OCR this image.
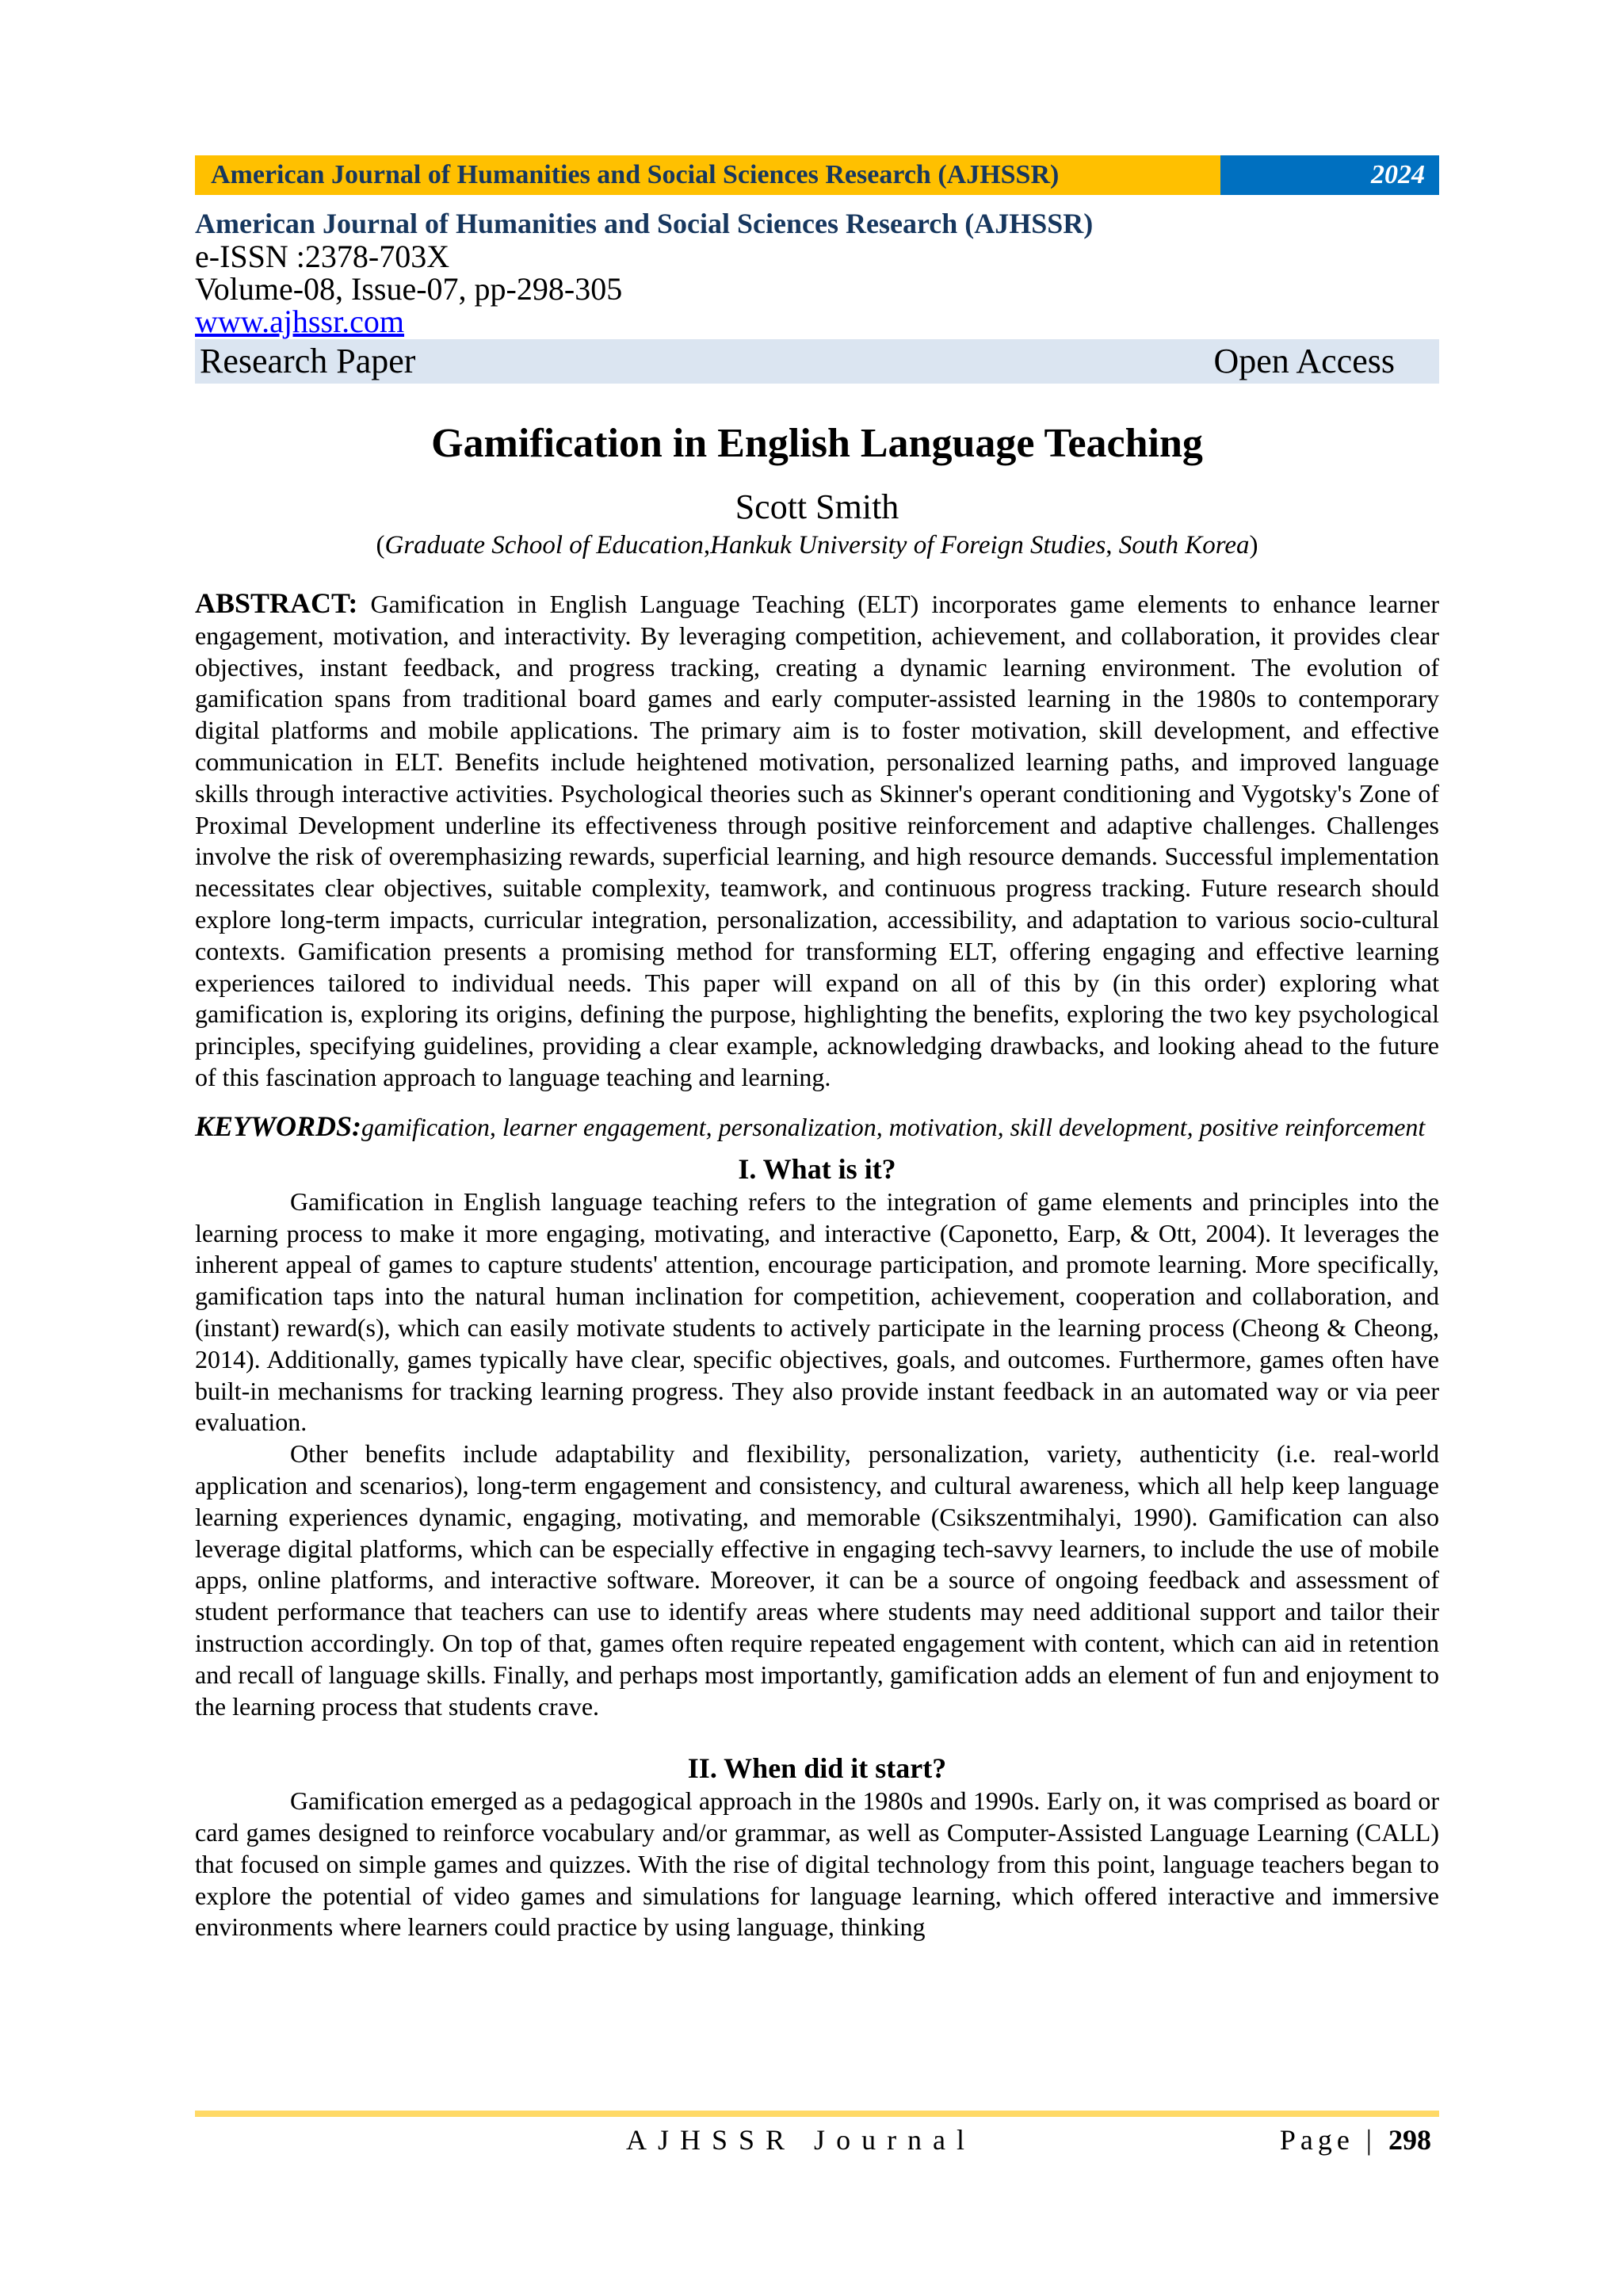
American Journal of Humanities and Social Sciences Research (AJHSSR)	2024
American Journal of Humanities and Social Sciences Research (AJHSSR)
e-ISSN :2378-703X
Volume-08, Issue-07, pp-298-305
www.ajhssr.com
Research Paper	Open Access
Gamification in English Language Teaching
Scott Smith
(Graduate School of Education,Hankuk University of Foreign Studies, South Korea)
ABSTRACT: Gamification in English Language Teaching (ELT) incorporates game elements to enhance learner engagement, motivation, and interactivity. By leveraging competition, achievement, and collaboration, it provides clear objectives, instant feedback, and progress tracking, creating a dynamic learning environment. The evolution of gamification spans from traditional board games and early computer-assisted learning in the 1980s to contemporary digital platforms and mobile applications. The primary aim is to foster motivation, skill development, and effective communication in ELT. Benefits include heightened motivation, personalized learning paths, and improved language skills through interactive activities. Psychological theories such as Skinner's operant conditioning and Vygotsky's Zone of Proximal Development underline its effectiveness through positive reinforcement and adaptive challenges. Challenges involve the risk of overemphasizing rewards, superficial learning, and high resource demands. Successful implementation necessitates clear objectives, suitable complexity, teamwork, and continuous progress tracking. Future research should explore long-term impacts, curricular integration, personalization, accessibility, and adaptation to various socio-cultural contexts. Gamification presents a promising method for transforming ELT, offering engaging and effective learning experiences tailored to individual needs. This paper will expand on all of this by (in this order) exploring what gamification is, exploring its origins, defining the purpose, highlighting the benefits, exploring the two key psychological principles, specifying guidelines, providing a clear example, acknowledging drawbacks, and looking ahead to the future of this fascination approach to language teaching and learning.
KEYWORDS:gamification, learner engagement, personalization, motivation, skill development, positive reinforcement
I. What is it?

Gamification in English language teaching refers to the integration of game elements and principles into the learning process to make it more engaging, motivating, and interactive (Caponetto, Earp, & Ott, 2004). It leverages the inherent appeal of games to capture students' attention, encourage participation, and promote learning. More specifically, gamification taps into the natural human inclination for competition, achievement, cooperation and collaboration, and (instant) reward(s), which can easily motivate students to actively participate in the learning process (Cheong & Cheong, 2014). Additionally, games typically have clear, specific objectives, goals, and outcomes. Furthermore, games often have built-in mechanisms for tracking learning progress. They also provide instant feedback in an automated way or via peer evaluation.

Other benefits include adaptability and flexibility, personalization, variety, authenticity (i.e. real-world application and scenarios), long-term engagement and consistency, and cultural awareness, which all help keep language learning experiences dynamic, engaging, motivating, and memorable (Csikszentmihalyi, 1990). Gamification can also leverage digital platforms, which can be especially effective in engaging tech-savvy learners, to include the use of mobile apps, online platforms, and interactive software. Moreover, it can be a source of ongoing feedback and assessment of student performance that teachers can use to identify areas where students may need additional support and tailor their instruction accordingly. On top of that, games often require repeated engagement with content, which can aid in retention and recall of language skills. Finally, and perhaps most importantly, gamification adds an element of fun and enjoyment to the learning process that students crave.

II. When did it start?

Gamification emerged as a pedagogical approach in the 1980s and 1990s. Early on, it was comprised as board or card games designed to reinforce vocabulary and/or grammar, as well as Computer-Assisted Language Learning (CALL) that focused on simple games and quizzes. With the rise of digital technology from this point, language teachers began to explore the potential of video games and simulations for language learning, which offered interactive and immersive environments where learners could practice by using language, thinking

AJHSSR Journal	Page | 298
